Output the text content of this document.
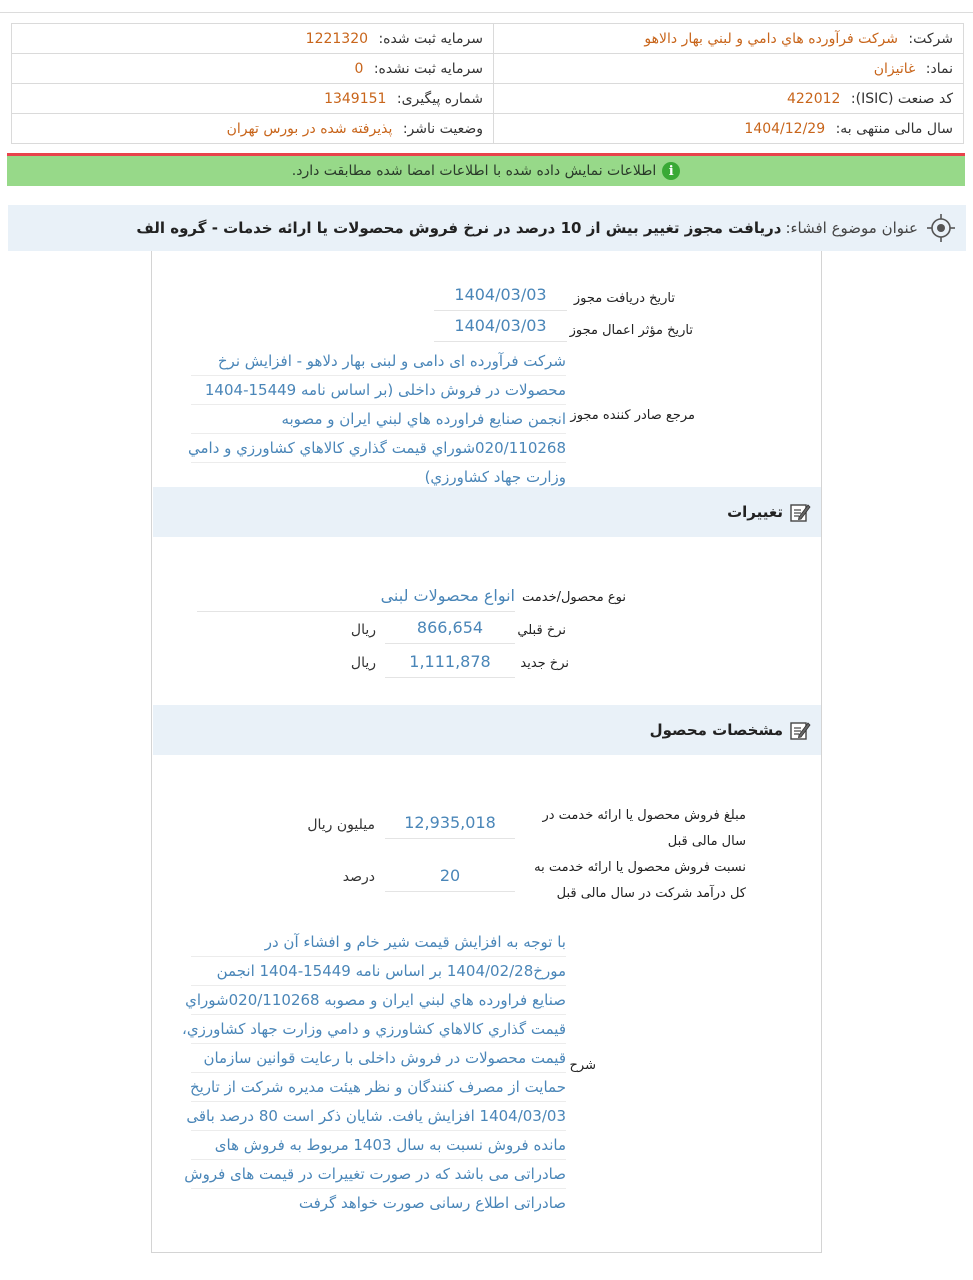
شرکت: شرکت فرآورده هاي دامي و لبني بهار دالاهو	سرمایه ثبت شده: 1221320
نماد: غاتیزان	سرمایه ثبت نشده: 0
کد صنعت (ISIC): 422012	شماره پیگیری: 1349151
سال مالی منتهی به: 1404/12/29	وضعیت ناشر: پذیرفته شده در بورس تهران
i
اطلاعات نمایش داده شده با اطلاعات امضا شده مطابقت دارد.
عنوان موضوع افشاء:
دریافت مجوز تغییر بیش از 10 درصد در نرخ فروش محصولات یا ارائه خدمات - گروه الف
تاریخ دریافت مجوز
1404/03/03
تاریخ مؤثر اعمال مجوز
1404/03/03
مرجع صادر کننده مجوز
شرکت فرآورده ای دامی و لبنی بهار دلاهو - افزایش نرخ
محصولات در فروش داخلی (بر اساس نامه 15449-1404
انجمن صنايع فراورده هاي لبني ايران و مصوبه
020/110268شوراي قيمت گذاري كالاهاي كشاورزي و دامي
وزارت جهاد كشاورزي)
تغییرات
نوع محصول/خدمت
انواع محصولات لبنی
نرخ قبلي
866,654
ریال
نرخ جدید
1,111,878
ریال
مشخصات محصول
مبلغ فروش محصول یا ارائه خدمت در سال مالی قبل
12,935,018
میلیون ریال
نسبت فروش محصول یا ارائه خدمت به کل درآمد شرکت در سال مالی قبل
20
درصد
شرح
با توجه به افزایش قیمت شیر خام و افشاء آن در
مورخ1404/02/28 بر اساس نامه 15449-1404 انجمن
صنايع فراورده هاي لبني ايران و مصوبه 020/110268شوراي
قيمت گذاري كالاهاي كشاورزي و دامي وزارت جهاد كشاورزي،
قیمت محصولات در فروش داخلی با رعایت قوانین سازمان
حمایت از مصرف کنندگان و نظر هیئت مدیره شرکت از تاریخ
1404/03/03 افزایش یافت. شایان ذکر است 80 درصد باقی
مانده فروش نسبت به سال 1403 مربوط به فروش های
صادراتی می باشد که در صورت تغییرات در قیمت های فروش
صادراتی اطلاع رسانی صورت خواهد گرفت
